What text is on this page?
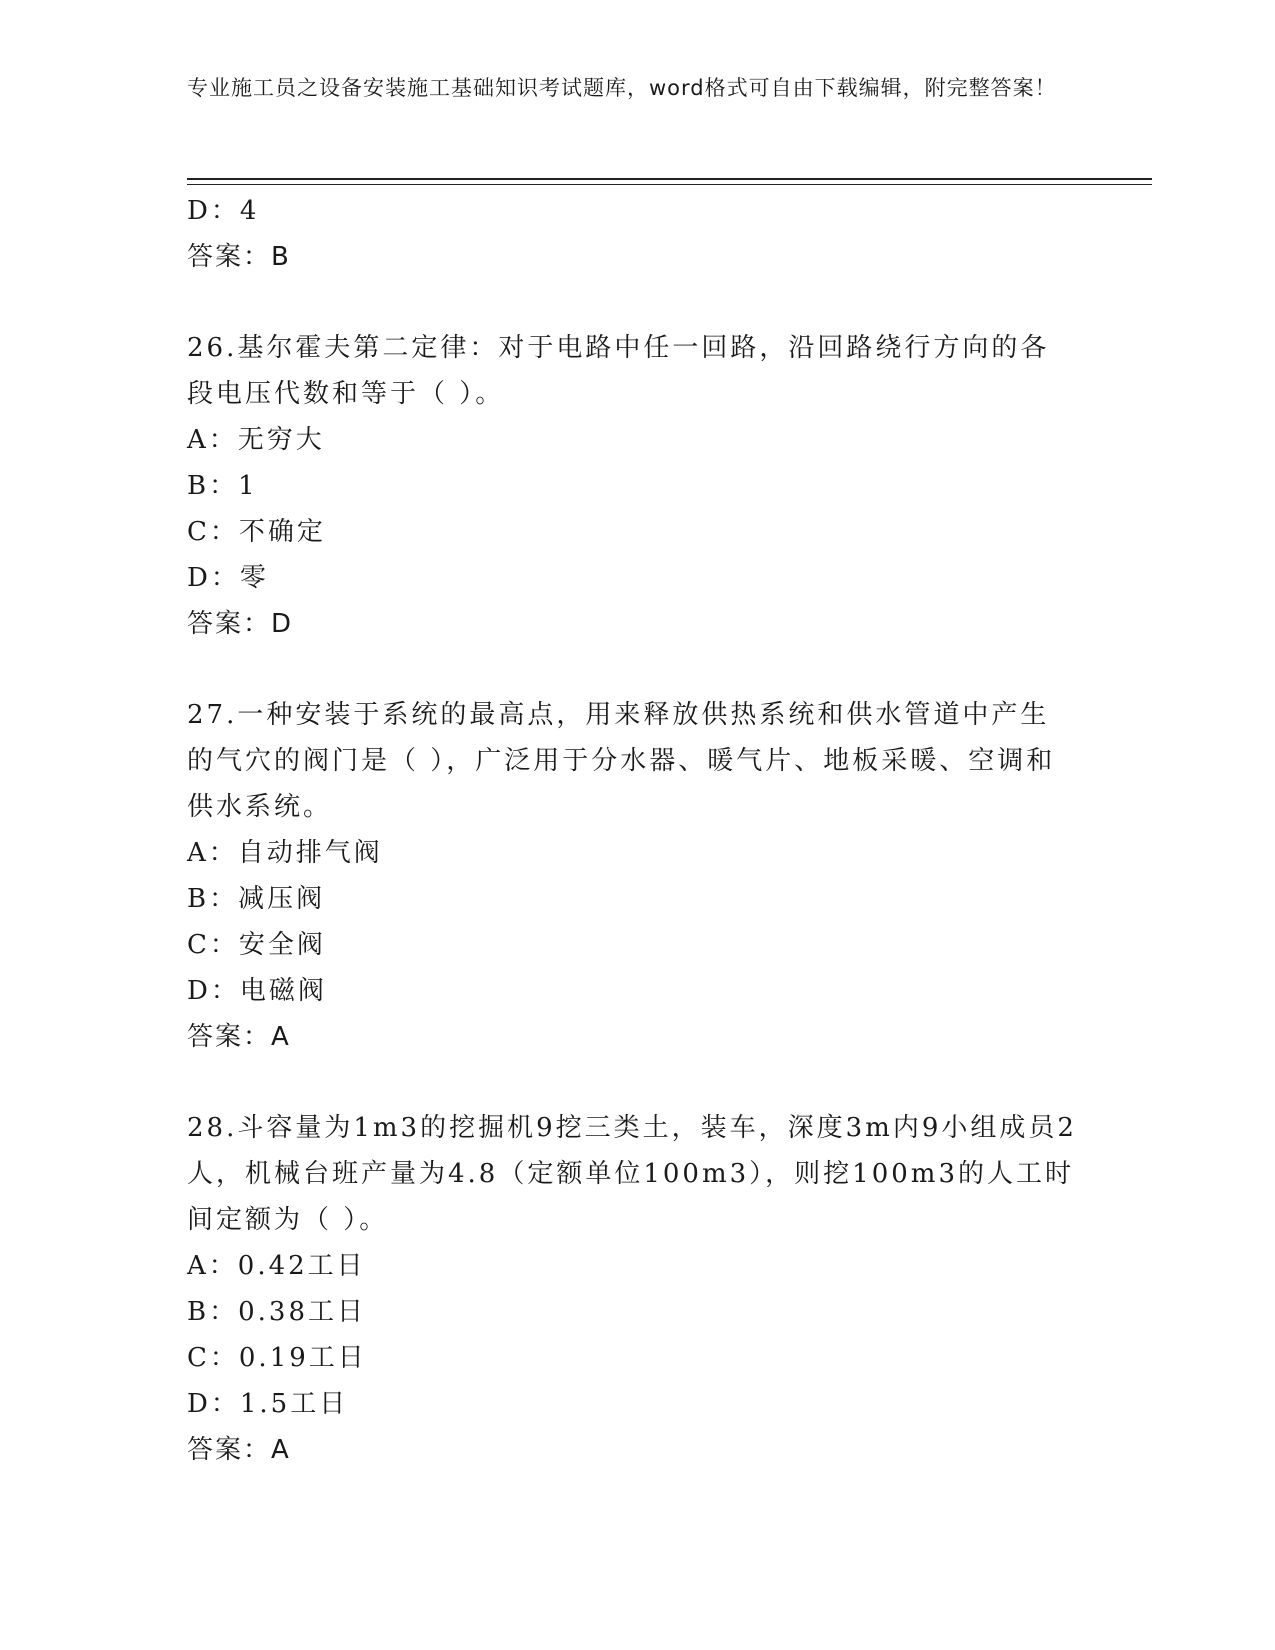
专业施工员之设备安装施工基础知识考试题库，word格式可自由下载编辑，附完整答案！
D：4
答案：B
26.基尔霍夫第二定律：对于电路中任一回路，沿回路绕行方向的各段电压代数和等于（ ）。
A：无穷大
B：1
C：不确定
D：零
答案：D
27.一种安装于系统的最高点，用来释放供热系统和供水管道中产生的气穴的阀门是（ ），广泛用于分水器、暖气片、地板采暖、空调和供水系统。
A：自动排气阀
B：减压阀
C：安全阀
D：电磁阀
答案：A
28.斗容量为1m3的挖掘机9挖三类土，装车，深度3m内9小组成员2人，机械台班产量为4.8（定额单位100m3），则挖100m3的人工时间定额为（ ）。
A：0.42工日
B：0.38工日
C：0.19工日
D：1.5工日
答案：A
